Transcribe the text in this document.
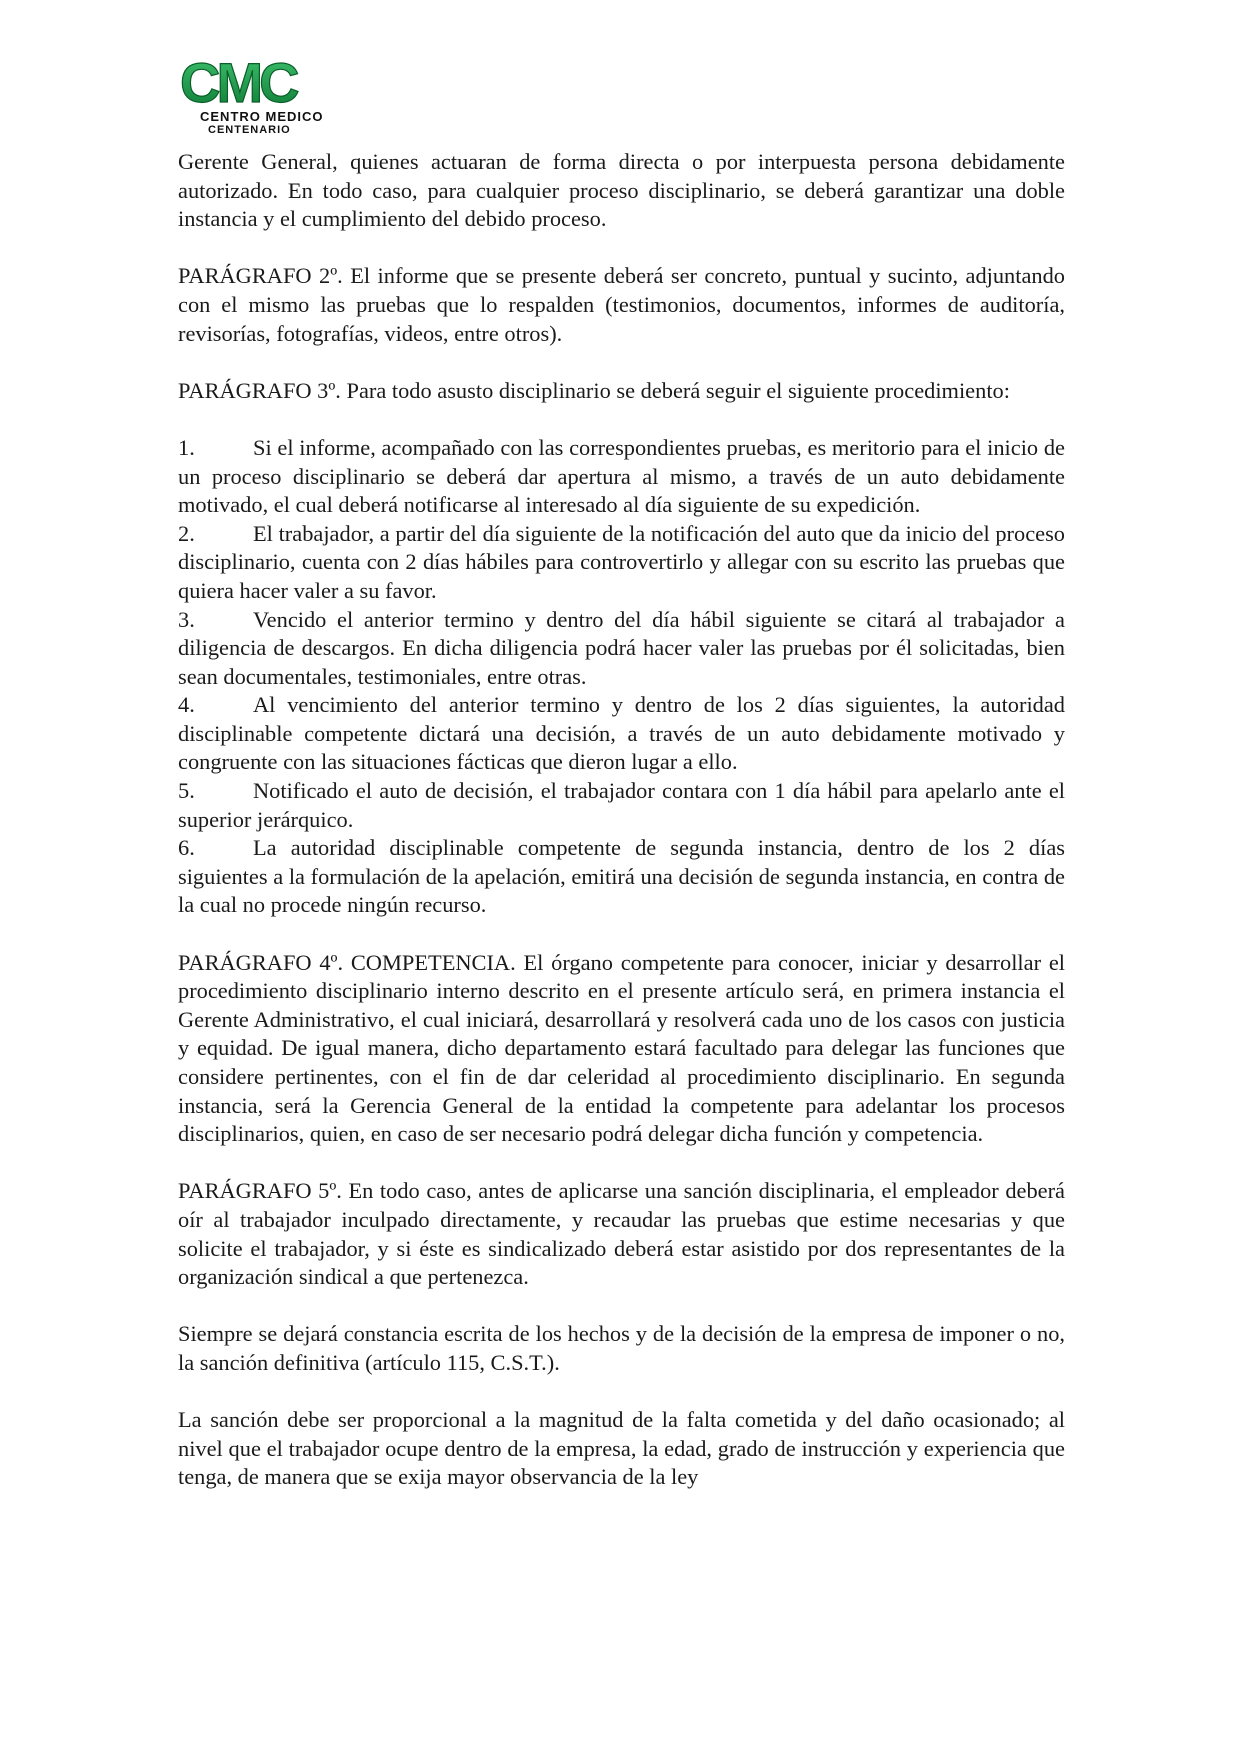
CMC
CENTRO MEDICO
CENTENARIO

Gerente General, quienes actuaran de forma directa o por interpuesta persona debidamente autorizado. En todo caso, para cualquier proceso disciplinario, se deberá garantizar una doble instancia y el cumplimiento del debido proceso.

PARÁGRAFO 2º. El informe que se presente deberá ser concreto, puntual y sucinto, adjuntando con el mismo las pruebas que lo respalden (testimonios, documentos, informes de auditoría, revisorías, fotografías, videos, entre otros).

PARÁGRAFO 3º. Para todo asusto disciplinario se deberá seguir el siguiente procedimiento:

1.	Si el informe, acompañado con las correspondientes pruebas, es meritorio para el inicio de un proceso disciplinario se deberá dar apertura al mismo, a través de un auto debidamente motivado, el cual deberá notificarse al interesado al día siguiente de su expedición.

2.	El trabajador, a partir del día siguiente de la notificación del auto que da inicio del proceso disciplinario, cuenta con 2 días hábiles para controvertirlo y allegar con su escrito las pruebas que quiera hacer valer a su favor.

3.	Vencido el anterior termino y dentro del día hábil siguiente se citará al trabajador a diligencia de descargos. En dicha diligencia podrá hacer valer las pruebas por él solicitadas, bien sean documentales, testimoniales, entre otras.

4.	Al vencimiento del anterior termino y dentro de los 2 días siguientes, la autoridad disciplinable competente dictará una decisión, a través de un auto debidamente motivado y congruente con las situaciones fácticas que dieron lugar a ello.

5.	Notificado el auto de decisión, el trabajador contara con 1 día hábil para apelarlo ante el superior jerárquico.

6.	La autoridad disciplinable competente de segunda instancia, dentro de los 2 días siguientes a la formulación de la apelación, emitirá una decisión de segunda instancia, en contra de la cual no procede ningún recurso.

PARÁGRAFO 4º. COMPETENCIA. El órgano competente para conocer, iniciar y desarrollar el procedimiento disciplinario interno descrito en el presente artículo será, en primera instancia el Gerente Administrativo, el cual iniciará, desarrollará y resolverá cada uno de los casos con justicia y equidad. De igual manera, dicho departamento estará facultado para delegar las funciones que considere pertinentes, con el fin de dar celeridad al procedimiento disciplinario. En segunda instancia, será la Gerencia General de la entidad la competente para adelantar los procesos disciplinarios, quien, en caso de ser necesario podrá delegar dicha función y competencia.

PARÁGRAFO 5º. En todo caso, antes de aplicarse una sanción disciplinaria, el empleador deberá oír al trabajador inculpado directamente, y recaudar las pruebas que estime necesarias y que solicite el trabajador, y si éste es sindicalizado deberá estar asistido por dos representantes de la organización sindical a que pertenezca.

Siempre se dejará constancia escrita de los hechos y de la decisión de la empresa de imponer o no, la sanción definitiva (artículo 115, C.S.T.).

La sanción debe ser proporcional a la magnitud de la falta cometida y del daño ocasionado; al nivel que el trabajador ocupe dentro de la empresa, la edad, grado de instrucción y experiencia que tenga, de manera que se exija mayor observancia de la ley
